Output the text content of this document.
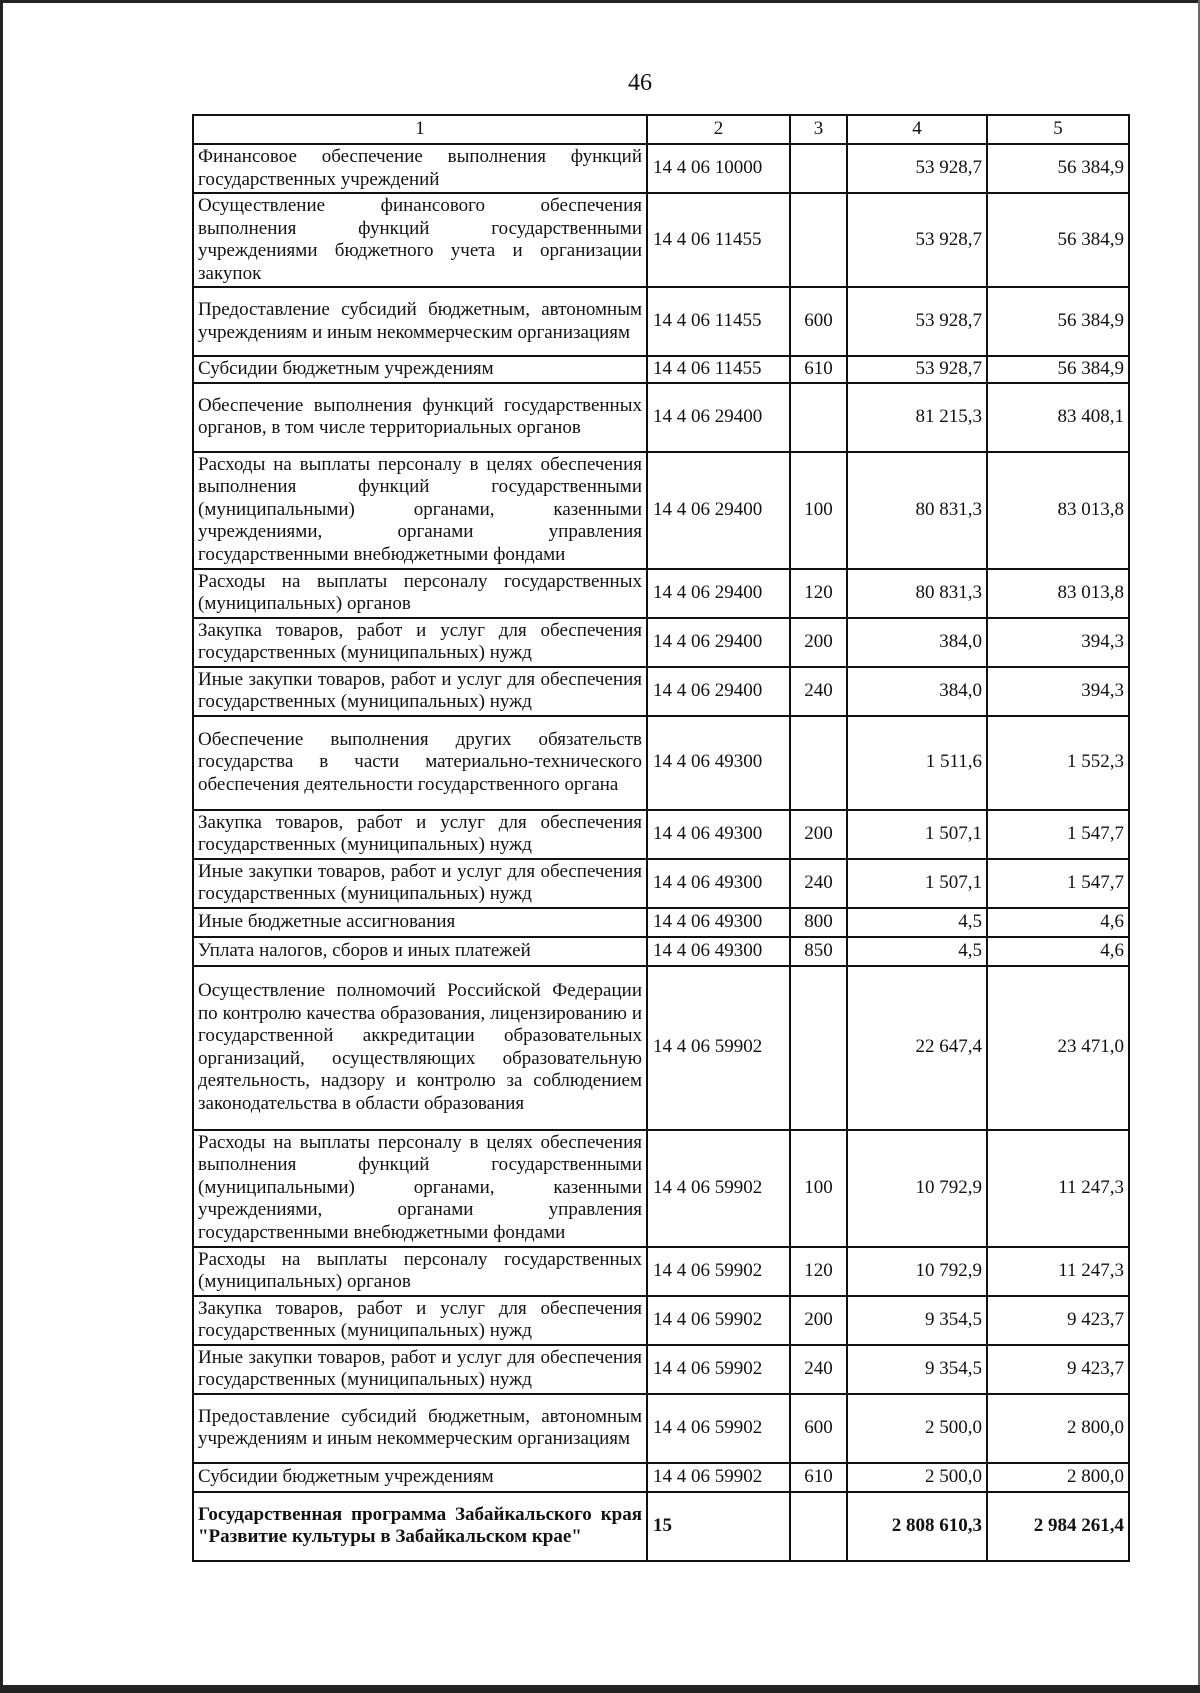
46
1	2	3	4	5
Финансовое обеспечение выполнения функций государственных учреждений	14 4 06 10000		53 928,7	56 384,9
Осуществление финансового обеспечения выполнения функций государственными учреждениями бюджетного учета и организации закупок	14 4 06 11455		53 928,7	56 384,9
Предоставление субсидий бюджетным, автономным учреждениям и иным некоммерческим организациям	14 4 06 11455	600	53 928,7	56 384,9
Субсидии бюджетным учреждениям	14 4 06 11455	610	53 928,7	56 384,9
Обеспечение выполнения функций государственных органов, в том числе территориальных органов	14 4 06 29400		81 215,3	83 408,1
Расходы на выплаты персоналу в целях обеспечения выполнения функций государственными (муниципальными) органами, казенными учреждениями, органами управления государственными внебюджетными фондами	14 4 06 29400	100	80 831,3	83 013,8
Расходы на выплаты персоналу государственных (муниципальных) органов	14 4 06 29400	120	80 831,3	83 013,8
Закупка товаров, работ и услуг для обеспечения государственных (муниципальных) нужд	14 4 06 29400	200	384,0	394,3
Иные закупки товаров, работ и услуг для обеспечения государственных (муниципальных) нужд	14 4 06 29400	240	384,0	394,3
Обеспечение выполнения других обязательств государства в части материально-технического обеспечения деятельности государственного органа	14 4 06 49300		1 511,6	1 552,3
Закупка товаров, работ и услуг для обеспечения государственных (муниципальных) нужд	14 4 06 49300	200	1 507,1	1 547,7
Иные закупки товаров, работ и услуг для обеспечения государственных (муниципальных) нужд	14 4 06 49300	240	1 507,1	1 547,7
Иные бюджетные ассигнования	14 4 06 49300	800	4,5	4,6
Уплата налогов, сборов и иных платежей	14 4 06 49300	850	4,5	4,6
Осуществление полномочий Российской Федерации по контролю качества образования, лицензированию и государственной аккредитации образовательных организаций, осуществляющих образовательную деятельность, надзору и контролю за соблюдением законодательства в области образования	14 4 06 59902		22 647,4	23 471,0
Расходы на выплаты персоналу в целях обеспечения выполнения функций государственными (муниципальными) органами, казенными учреждениями, органами управления государственными внебюджетными фондами	14 4 06 59902	100	10 792,9	11 247,3
Расходы на выплаты персоналу государственных (муниципальных) органов	14 4 06 59902	120	10 792,9	11 247,3
Закупка товаров, работ и услуг для обеспечения государственных (муниципальных) нужд	14 4 06 59902	200	9 354,5	9 423,7
Иные закупки товаров, работ и услуг для обеспечения государственных (муниципальных) нужд	14 4 06 59902	240	9 354,5	9 423,7
Предоставление субсидий бюджетным, автономным учреждениям и иным некоммерческим организациям	14 4 06 59902	600	2 500,0	2 800,0
Субсидии бюджетным учреждениям	14 4 06 59902	610	2 500,0	2 800,0
Государственная программа Забайкальского края "Развитие культуры в Забайкальском крае"	15		2 808 610,3	2 984 261,4
